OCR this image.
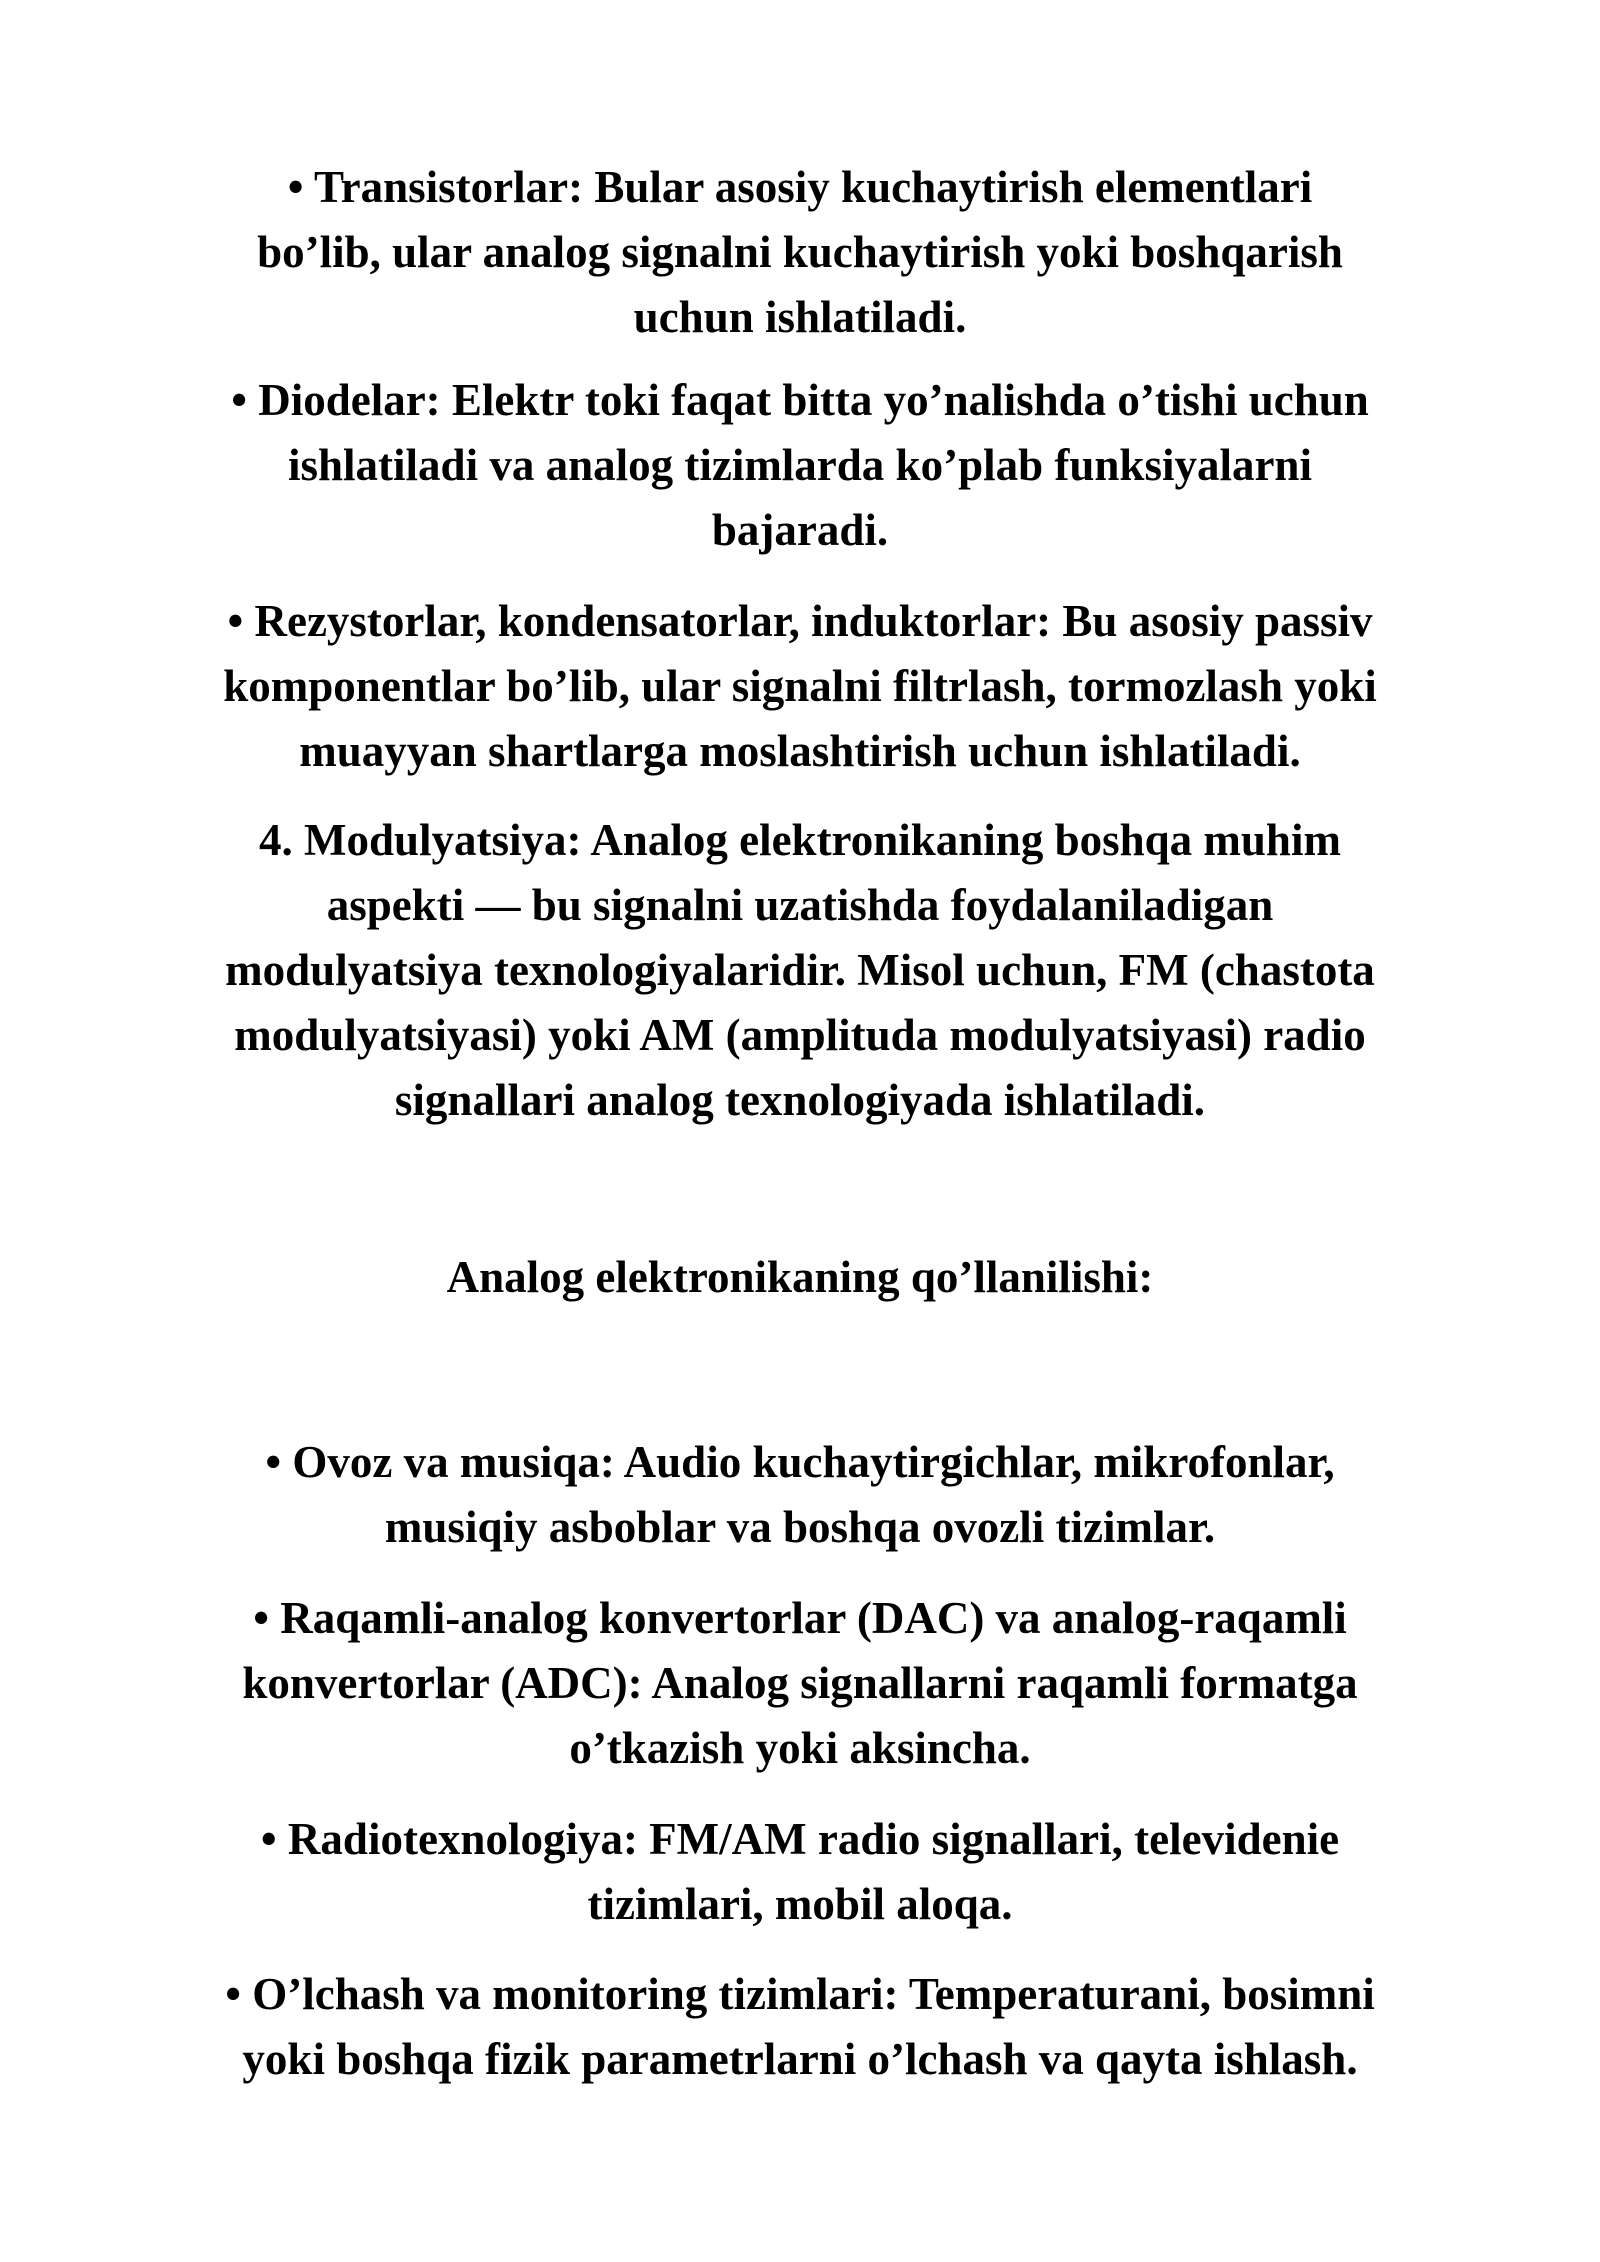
• Transistorlar: Bular asosiy kuchaytirish elementlari
bo’lib, ular analog signalni kuchaytirish yoki boshqarish
uchun ishlatiladi.

• Diodelar: Elektr toki faqat bitta yo’nalishda o’tishi uchun
ishlatiladi va analog tizimlarda ko’plab funksiyalarni
bajaradi.

• Rezystorlar, kondensatorlar, induktorlar: Bu asosiy passiv
komponentlar bo’lib, ular signalni filtrlash, tormozlash yoki
muayyan shartlarga moslashtirish uchun ishlatiladi.

4. Modulyatsiya: Analog elektronikaning boshqa muhim
aspekti — bu signalni uzatishda foydalaniladigan
modulyatsiya texnologiyalaridir. Misol uchun, FM (chastota
modulyatsiyasi) yoki AM (amplituda modulyatsiyasi) radio
signallari analog texnologiyada ishlatiladi.

Analog elektronikaning qo’llanilishi:

• Ovoz va musiqa: Audio kuchaytirgichlar, mikrofonlar,
musiqiy asboblar va boshqa ovozli tizimlar.

• Raqamli-analog konvertorlar (DAC) va analog-raqamli
konvertorlar (ADC): Analog signallarni raqamli formatga
o’tkazish yoki aksincha.

• Radiotexnologiya: FM/AM radio signallari, televidenie
tizimlari, mobil aloqa.

• O’lchash va monitoring tizimlari: Temperaturani, bosimni
yoki boshqa fizik parametrlarni o’lchash va qayta ishlash.
